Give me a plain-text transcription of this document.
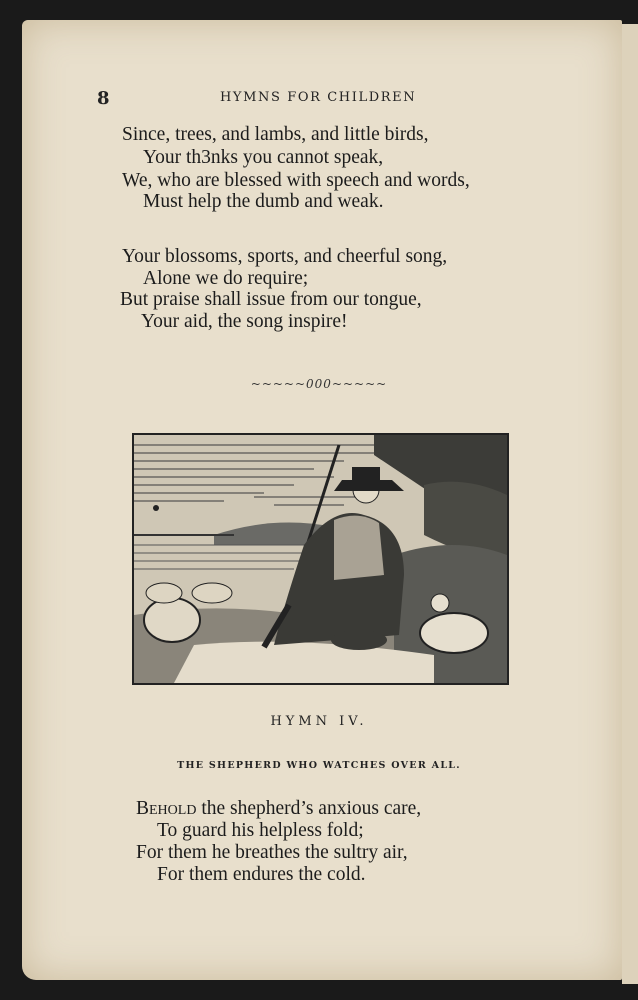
8	HYMNS FOR CHILDREN
Since, trees, and lambs, and little birds,
Your th3nks you cannot speak,
We, who are blessed with speech and words,
Must help the dumb and weak.
Your blossoms, sports, and cheerful song,
Alone we do require;
But praise shall issue from our tongue,
Your aid, the song inspire!
~~~~~000~~~~~
HYMN IV.
THE SHEPHERD WHO WATCHES OVER ALL.
Behold the shepherd’s anxious care,
To guard his helpless fold;
For them he breathes the sultry air,
For them endures the cold.
